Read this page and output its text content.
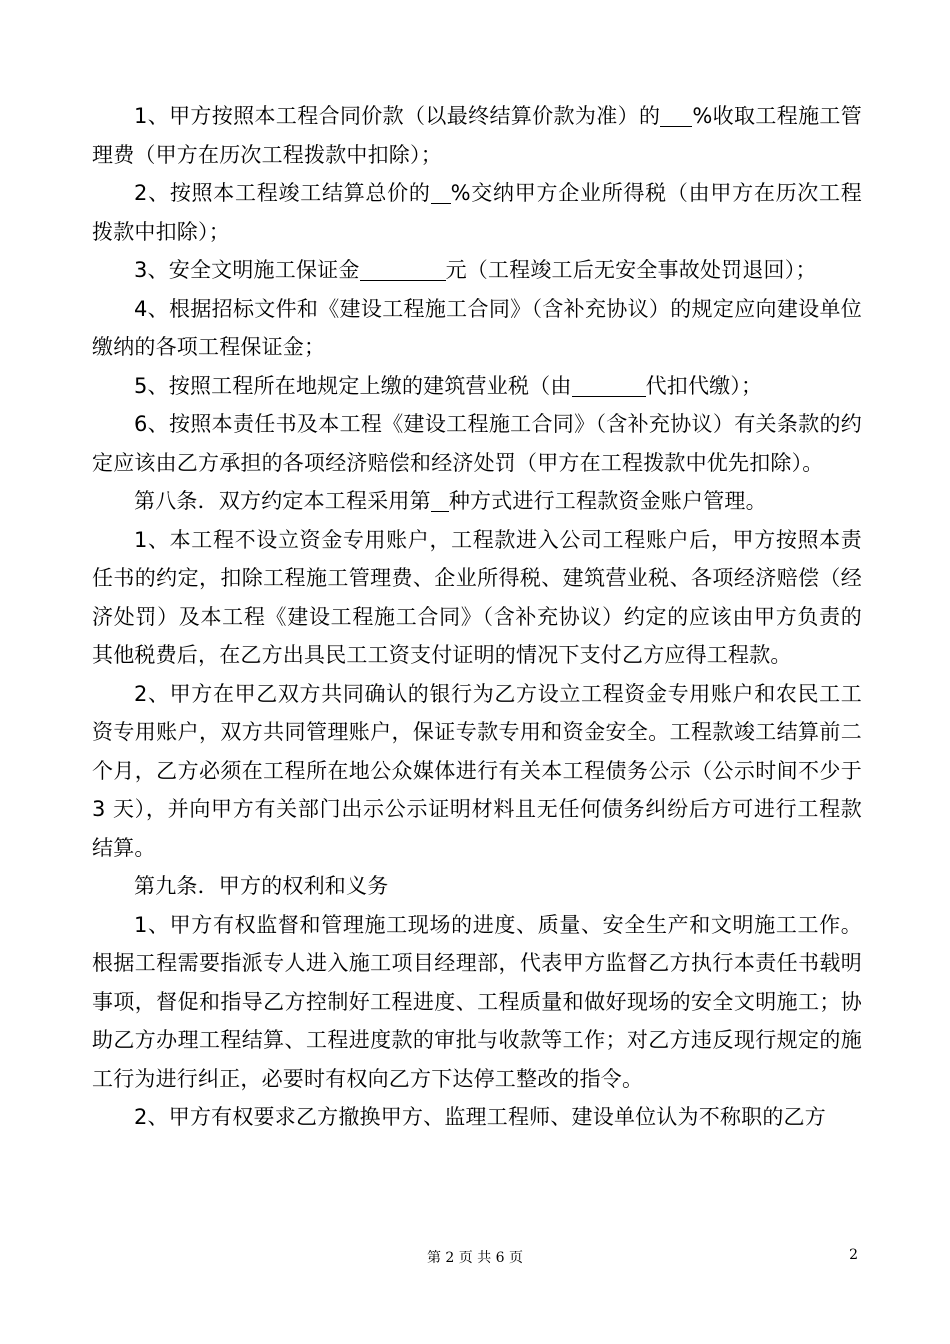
1、甲方按照本工程合同价款（以最终结算价款为准）的 %收取工程施工管理费（甲方在历次工程拨款中扣除）；

2、按照本工程竣工结算总价的 %交纳甲方企业所得税（由甲方在历次工程拨款中扣除）；

3、安全文明施工保证金	元（工程竣工后无安全事故处罚退回）；

4、根据招标文件和《建设工程施工合同》（含补充协议）的规定应向建设单位缴纳的各项工程保证金；

5、按照工程所在地规定上缴的建筑营业税（由	代扣代缴）；

6、按照本责任书及本工程《建设工程施工合同》（含补充协议）有关条款的约定应该由乙方承担的各项经济赔偿和经济处罚（甲方在工程拨款中优先扣除）。

第八条．双方约定本工程采用第 种方式进行工程款资金账户管理。

1、本工程不设立资金专用账户，工程款进入公司工程账户后，甲方按照本责任书的约定，扣除工程施工管理费、企业所得税、建筑营业税、各项经济赔偿（经济处罚）及本工程《建设工程施工合同》（含补充协议）约定的应该由甲方负责的其他税费后，在乙方出具民工工资支付证明的情况下支付乙方应得工程款。

2、甲方在甲乙双方共同确认的银行为乙方设立工程资金专用账户和农民工工资专用账户，双方共同管理账户，保证专款专用和资金安全。工程款竣工结算前二个月，乙方必须在工程所在地公众媒体进行有关本工程债务公示（公示时间不少于 3 天），并向甲方有关部门出示公示证明材料且无任何债务纠纷后方可进行工程款结算。

第九条．甲方的权利和义务

1、甲方有权监督和管理施工现场的进度、质量、安全生产和文明施工工作。根据工程需要指派专人进入施工项目经理部，代表甲方监督乙方执行本责任书载明事项，督促和指导乙方控制好工程进度、工程质量和做好现场的安全文明施工；协助乙方办理工程结算、工程进度款的审批与收款等工作；对乙方违反现行规定的施工行为进行纠正，必要时有权向乙方下达停工整改的指令。

2、甲方有权要求乙方撤换甲方、监理工程师、建设单位认为不称职的乙方

第 2 页 共 6 页	2
